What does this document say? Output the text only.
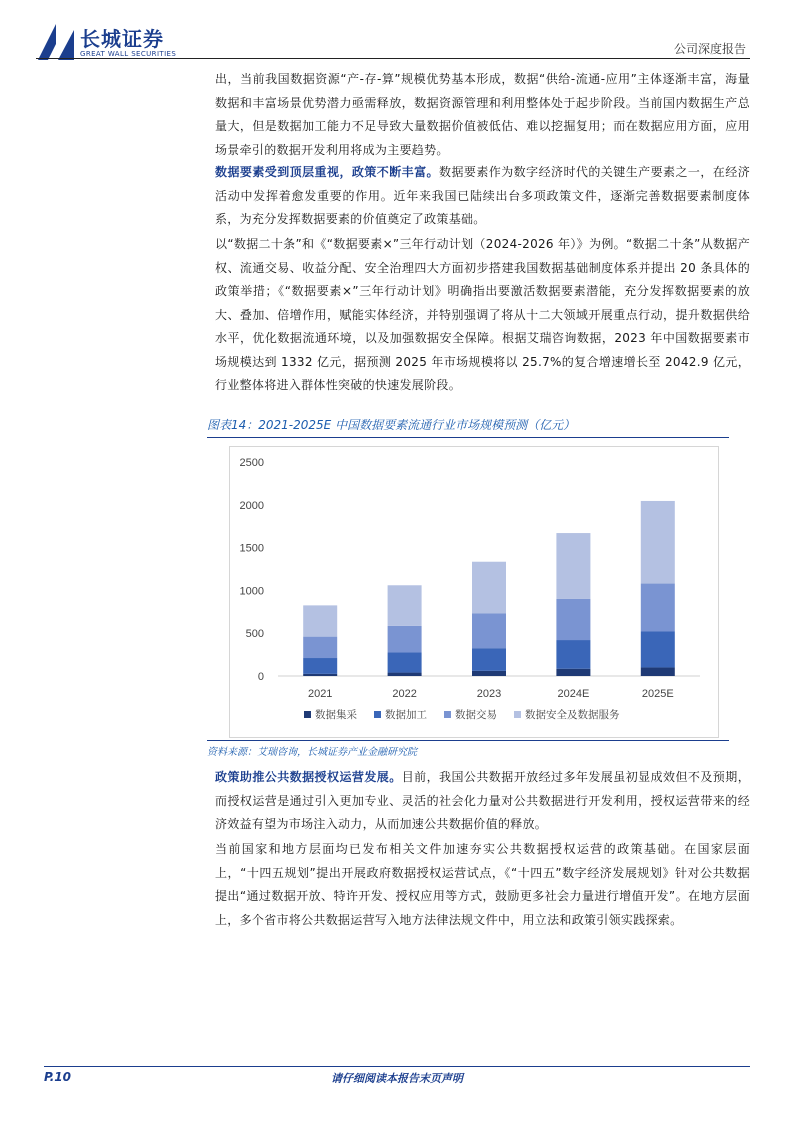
长城证券
GREAT WALL SECURITIES	公司深度报告
出，当前我国数据资源“产-存-算”规模优势基本形成，数据“供给-流通-应用”主体逐渐丰富，海量数据和丰富场景优势潜力亟需释放，数据资源管理和利用整体处于起步阶段。当前国内数据生产总量大，但是数据加工能力不足导致大量数据价值被低估、难以挖掘复用；而在数据应用方面，应用场景牵引的数据开发利用将成为主要趋势。
数据要素受到顶层重视，政策不断丰富。数据要素作为数字经济时代的关键生产要素之一，在经济活动中发挥着愈发重要的作用。近年来我国已陆续出台多项政策文件，逐渐完善数据要素制度体系，为充分发挥数据要素的价值奠定了政策基础。
以“数据二十条”和《“数据要素×”三年行动计划（2024-2026 年）》为例。“数据二十条”从数据产权、流通交易、收益分配、安全治理四大方面初步搭建我国数据基础制度体系并提出 20 条具体的政策举措；《“数据要素×”三年行动计划》明确指出要激活数据要素潜能，充分发挥数据要素的放大、叠加、倍增作用，赋能实体经济，并特别强调了将从十二大领域开展重点行动，提升数据供给水平，优化数据流通环境，以及加强数据安全保障。根据艾瑞咨询数据，2023 年中国数据要素市场规模达到 1332 亿元，据预测 2025 年市场规模将以 25.7%的复合增速增长至 2042.9 亿元，行业整体将进入群体性突破的快速发展阶段。
图表14：2021-2025E 中国数据要素流通行业市场规模预测（亿元）
0
500
1000
1500
2000
2500
2021	2022	2023	2024E	2025E
数据集采	数据加工	数据交易	数据安全及数据服务
资料来源：艾瑞咨询，长城证券产业金融研究院
政策助推公共数据授权运营发展。目前，我国公共数据开放经过多年发展虽初显成效但不及预期，而授权运营是通过引入更加专业、灵活的社会化力量对公共数据进行开发利用，授权运营带来的经济效益有望为市场注入动力，从而加速公共数据价值的释放。
当前国家和地方层面均已发布相关文件加速夯实公共数据授权运营的政策基础。在国家层面上，“十四五规划”提出开展政府数据授权运营试点，《“十四五”数字经济发展规划》针对公共数据提出“通过数据开放、特许开发、授权应用等方式，鼓励更多社会力量进行增值开发”。在地方层面上，多个省市将公共数据运营写入地方法律法规文件中，用立法和政策引领实践探索。
P.10	请仔细阅读本报告末页声明
